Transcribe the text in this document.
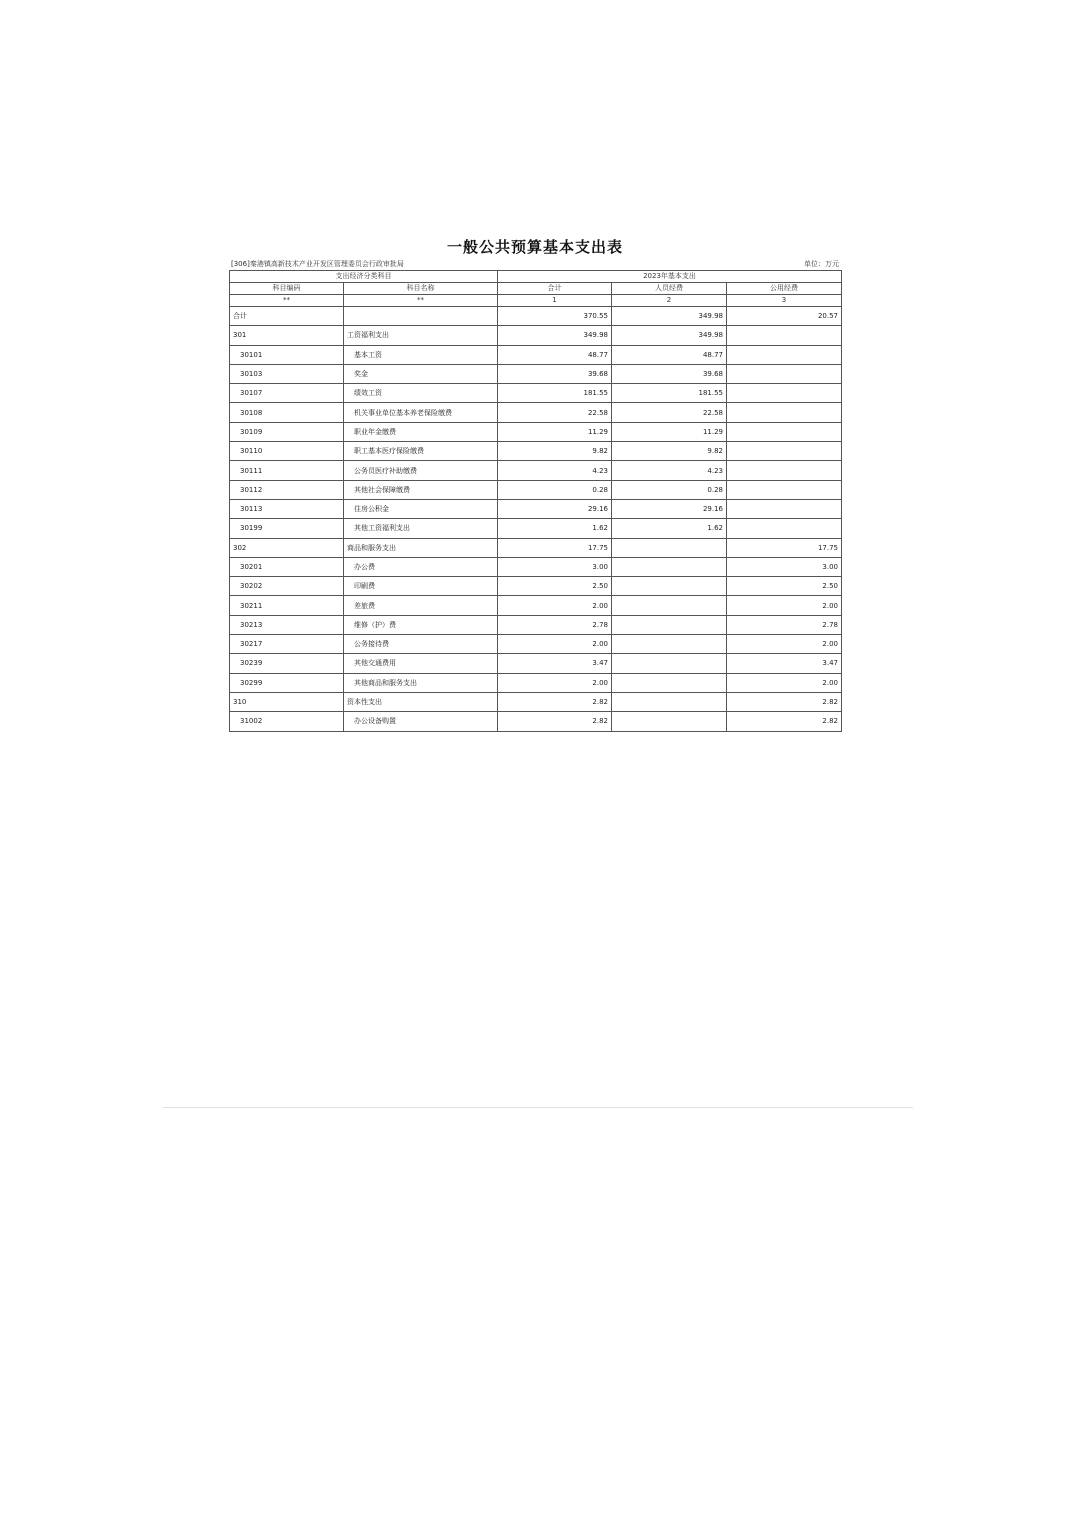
一般公共预算基本支出表
[306]秦港镇高新技术产业开发区管理委员会行政审批局	单位：万元
支出经济分类科目		2023年基本支出		
科目编码	科目名称	合计	人员经费	公用经费
**	**	1	2	3
合计		370.55	349.98	20.57
301	工资福利支出	349.98	349.98	
30101	基本工资	48.77	48.77	
30103	奖金	39.68	39.68	
30107	绩效工资	181.55	181.55	
30108	机关事业单位基本养老保险缴费	22.58	22.58	
30109	职业年金缴费	11.29	11.29	
30110	职工基本医疗保险缴费	9.82	9.82	
30111	公务员医疗补助缴费	4.23	4.23	
30112	其他社会保障缴费	0.28	0.28	
30113	住房公积金	29.16	29.16	
30199	其他工资福利支出	1.62	1.62	
302	商品和服务支出	17.75		17.75
30201	办公费	3.00		3.00
30202	印刷费	2.50		2.50
30211	差旅费	2.00		2.00
30213	维修（护）费	2.78		2.78
30217	公务接待费	2.00		2.00
30239	其他交通费用	3.47		3.47
30299	其他商品和服务支出	2.00		2.00
310	资本性支出	2.82		2.82
31002	办公设备购置	2.82		2.82
